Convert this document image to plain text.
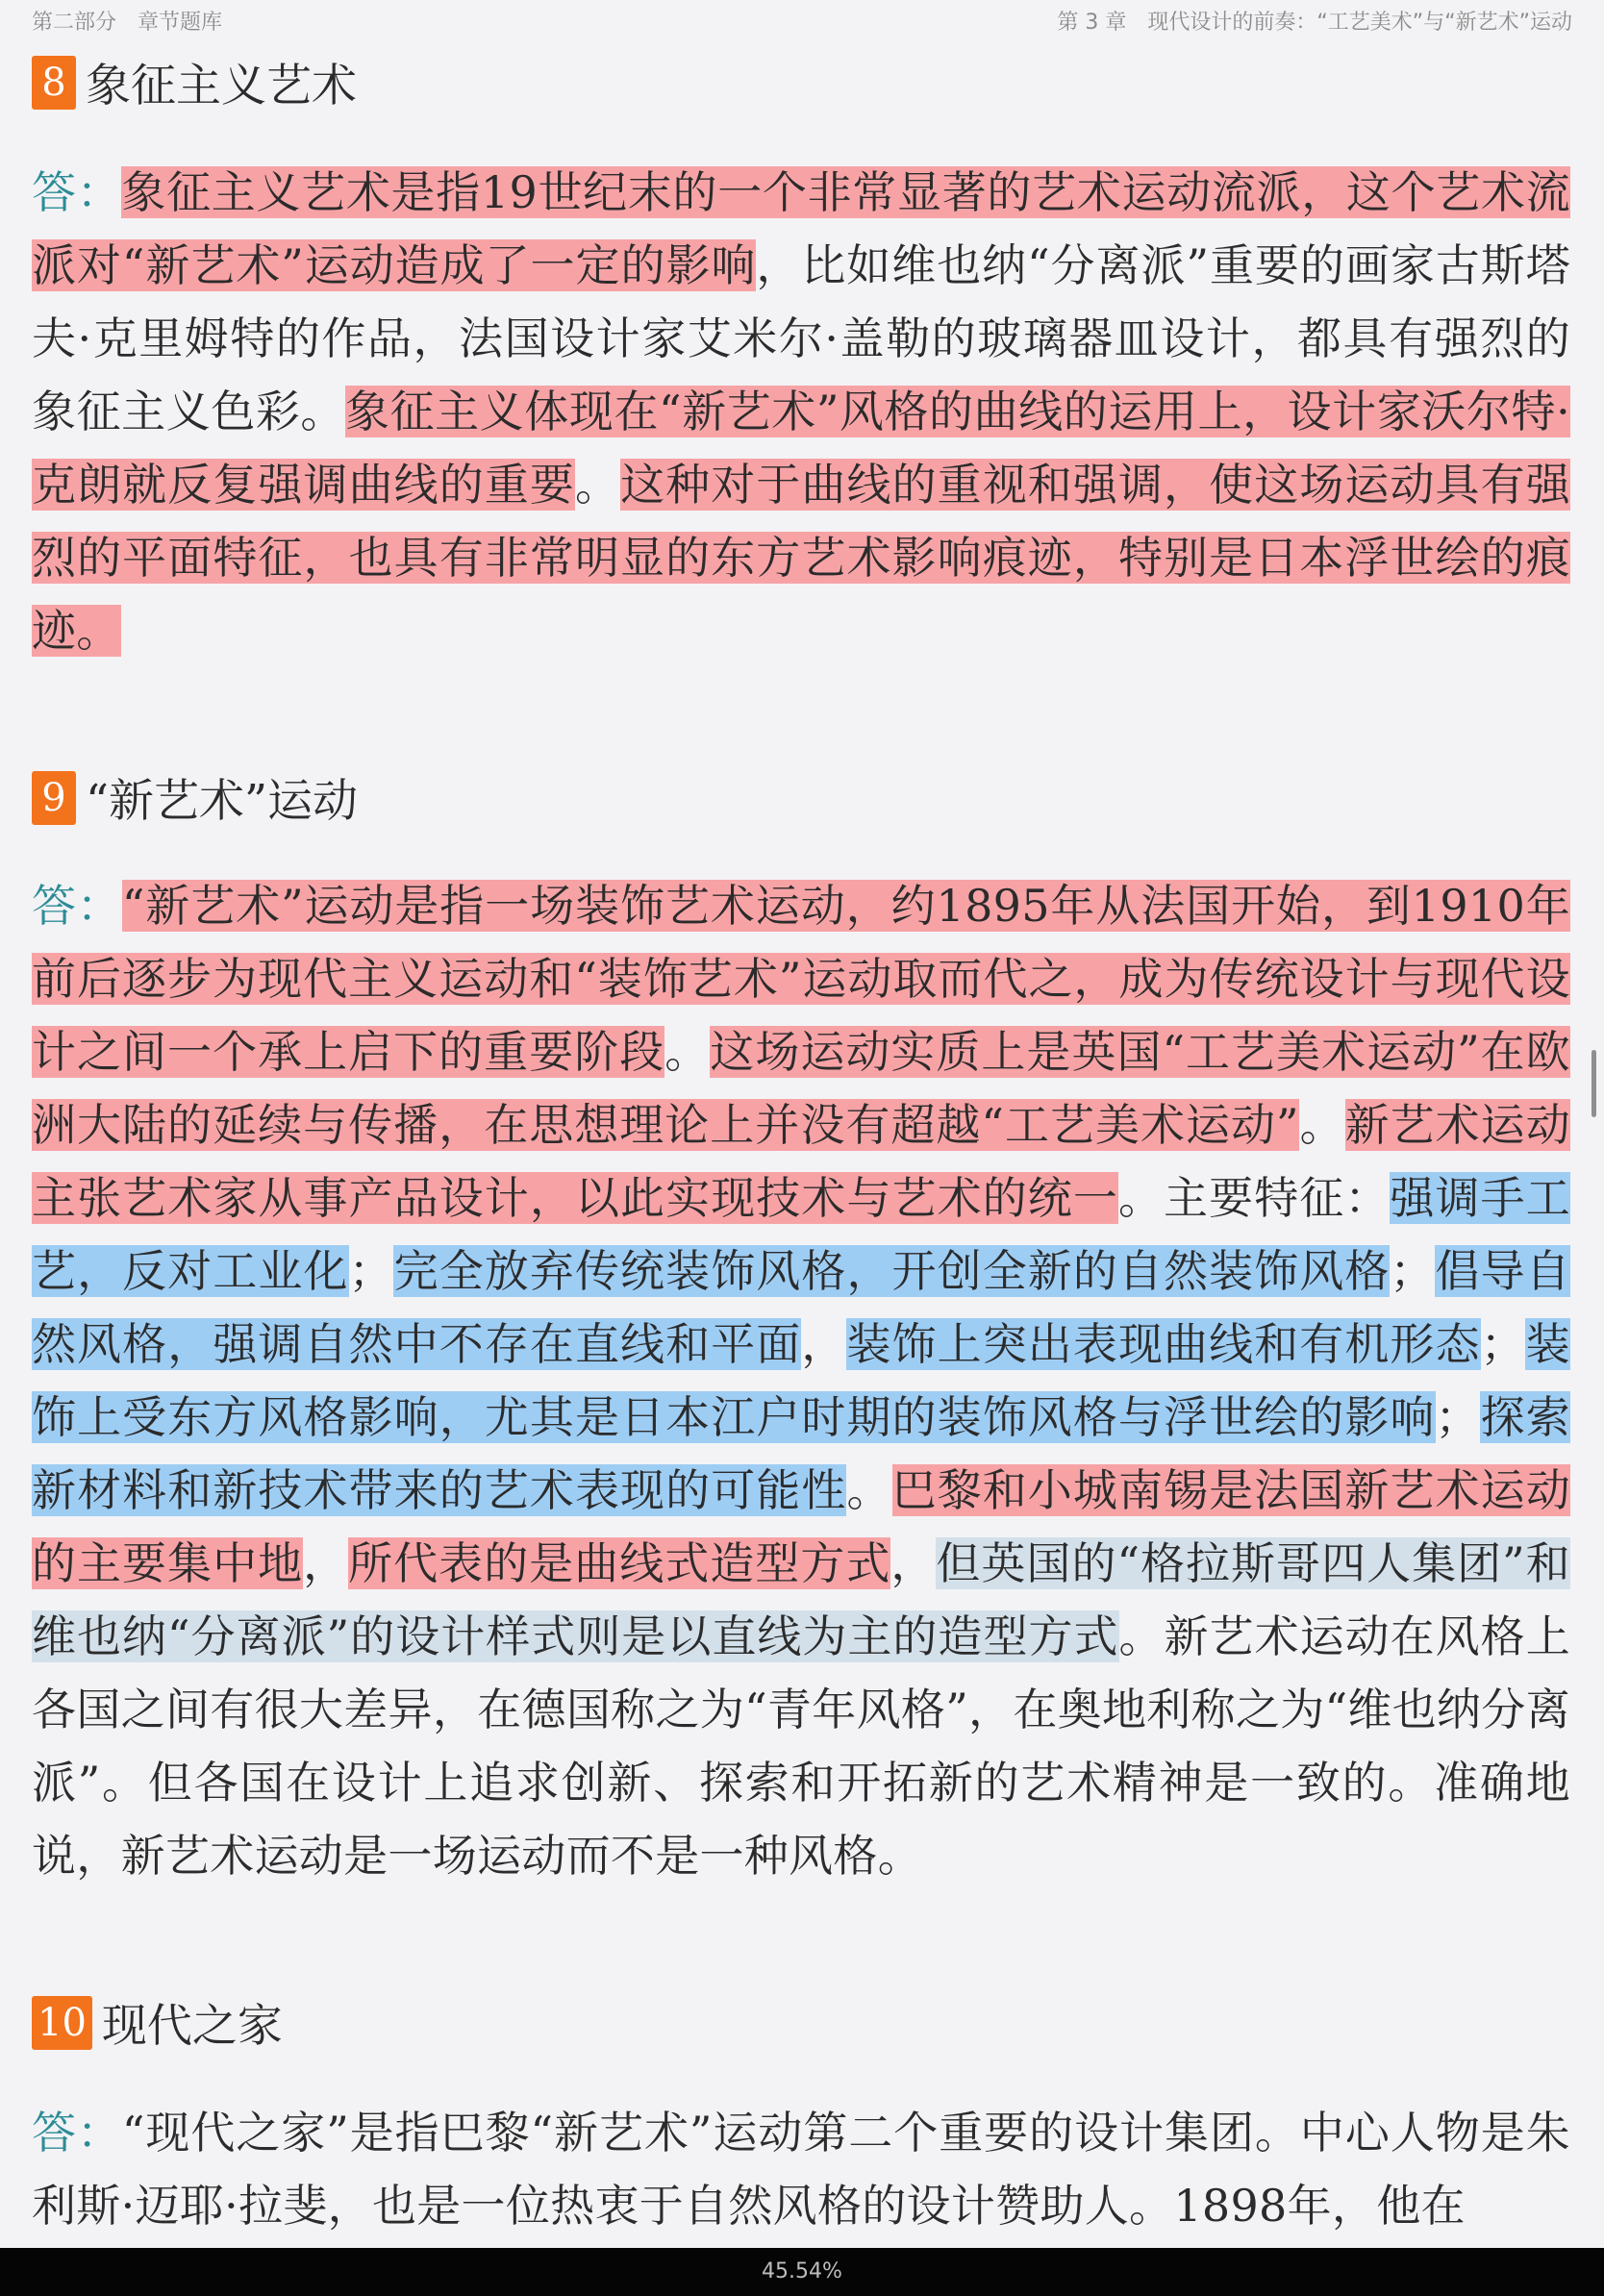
第二部分　章节题库	第 3 章　现代设计的前奏：“工艺美术”与“新艺术”运动
8 象征主义艺术

答：象征主义艺术是指19世纪末的一个非常显著的艺术运动流派，这个艺术流派对“新艺术”运动造成了一定的影响，比如维也纳“分离派”重要的画家古斯塔夫·克里姆特的作品，法国设计家艾米尔·盖勒的玻璃器皿设计，都具有强烈的象征主义色彩。象征主义体现在“新艺术”风格的曲线的运用上，设计家沃尔特·克朗就反复强调曲线的重要。这种对于曲线的重视和强调，使这场运动具有强烈的平面特征，也具有非常明显的东方艺术影响痕迹，特别是日本浮世绘的痕迹。

9 “新艺术”运动

答：“新艺术”运动是指一场装饰艺术运动，约1895年从法国开始，到1910年前后逐步为现代主义运动和“装饰艺术”运动取而代之，成为传统设计与现代设计之间一个承上启下的重要阶段。这场运动实质上是英国“工艺美术运动”在欧洲大陆的延续与传播，在思想理论上并没有超越“工艺美术运动”。新艺术运动主张艺术家从事产品设计，以此实现技术与艺术的统一。主要特征：强调手工艺，反对工业化；完全放弃传统装饰风格，开创全新的自然装饰风格；倡导自然风格，强调自然中不存在直线和平面，装饰上突出表现曲线和有机形态；装饰上受东方风格影响，尤其是日本江户时期的装饰风格与浮世绘的影响；探索新材料和新技术带来的艺术表现的可能性。巴黎和小城南锡是法国新艺术运动的主要集中地，所代表的是曲线式造型方式，但英国的“格拉斯哥四人集团”和维也纳“分离派”的设计样式则是以直线为主的造型方式。新艺术运动在风格上各国之间有很大差异，在德国称之为“青年风格”，在奥地利称之为“维也纳分离派”。但各国在设计上追求创新、探索和开拓新的艺术精神是一致的。准确地说，新艺术运动是一场运动而不是一种风格。

10 现代之家

答：“现代之家”是指巴黎“新艺术”运动第二个重要的设计集团。中心人物是朱利斯·迈耶·拉斐，也是一位热衷于自然风格的设计赞助人。1898年，他在

45.54%
